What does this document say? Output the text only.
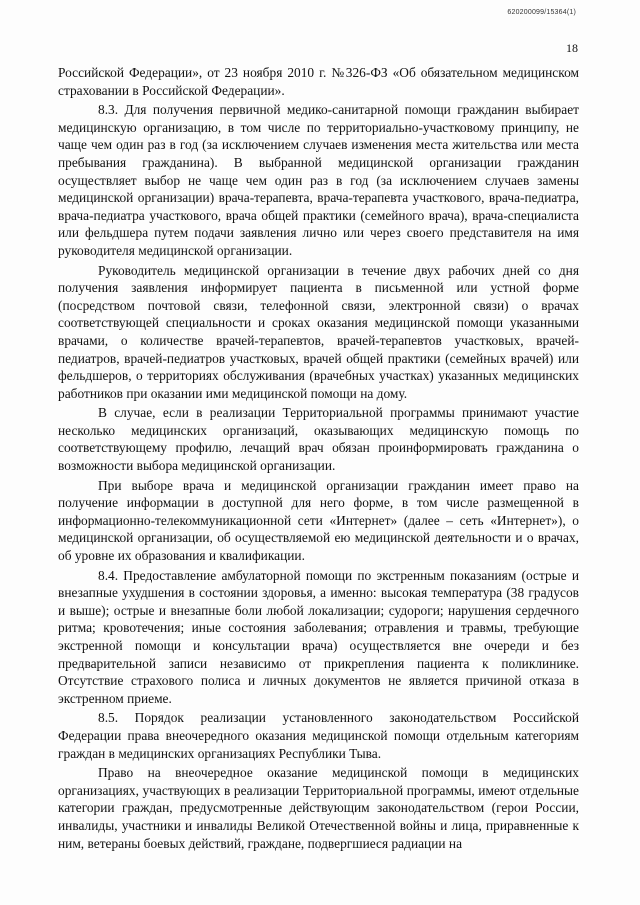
620200099/15364(1)
18

Российской Федерации», от 23 ноября 2010 г. №326-ФЗ «Об обязательном медицинском страховании в Российской Федерации».

8.3. Для получения первичной медико-санитарной помощи гражданин выбирает медицинскую организацию, в том числе по территориально-участковому принципу, не чаще чем один раз в год (за исключением случаев изменения места жительства или места пребывания гражданина). В выбранной медицинской организации гражданин осуществляет выбор не чаще чем один раз в год (за исключением случаев замены медицинской организации) врача-терапевта, врача-терапевта участкового, врача-педиатра, врача-педиатра участкового, врача общей практики (семейного врача), врача-специалиста или фельдшера путем подачи заявления лично или через своего представителя на имя руководителя медицинской организации.

Руководитель медицинской организации в течение двух рабочих дней со дня получения заявления информирует пациента в письменной или устной форме (посредством почтовой связи, телефонной связи, электронной связи) о врачах соответствующей специальности и сроках оказания медицинской помощи указанными врачами, о количестве врачей-терапевтов, врачей-терапевтов участковых, врачей-педиатров, врачей-педиатров участковых, врачей общей практики (семейных врачей) или фельдшеров, о территориях обслуживания (врачебных участках) указанных медицинских работников при оказании ими медицинской помощи на дому.

В случае, если в реализации Территориальной программы принимают участие несколько медицинских организаций, оказывающих медицинскую помощь по соответствующему профилю, лечащий врач обязан проинформировать гражданина о возможности выбора медицинской организации.

При выборе врача и медицинской организации гражданин имеет право на получение информации в доступной для него форме, в том числе размещенной в информационно-телекоммуникационной сети «Интернет» (далее – сеть «Интернет»), о медицинской организации, об осуществляемой ею медицинской деятельности и о врачах, об уровне их образования и квалификации.

8.4. Предоставление амбулаторной помощи по экстренным показаниям (острые и внезапные ухудшения в состоянии здоровья, а именно: высокая температура (38 градусов и выше); острые и внезапные боли любой локализации; судороги; нарушения сердечного ритма; кровотечения; иные состояния заболевания; отравления и травмы, требующие экстренной помощи и консультации врача) осуществляется вне очереди и без предварительной записи независимо от прикрепления пациента к поликлинике. Отсутствие страхового полиса и личных документов не является причиной отказа в экстренном приеме.

8.5. Порядок реализации установленного законодательством Российской Федерации права внеочередного оказания медицинской помощи отдельным категориям граждан в медицинских организациях Республики Тыва.

Право на внеочередное оказание медицинской помощи в медицинских организациях, участвующих в реализации Территориальной программы, имеют отдельные категории граждан, предусмотренные действующим законодательством (герои России, инвалиды, участники и инвалиды Великой Отечественной войны и лица, приравненные к ним, ветераны боевых действий, граждане, подвергшиеся радиации на
